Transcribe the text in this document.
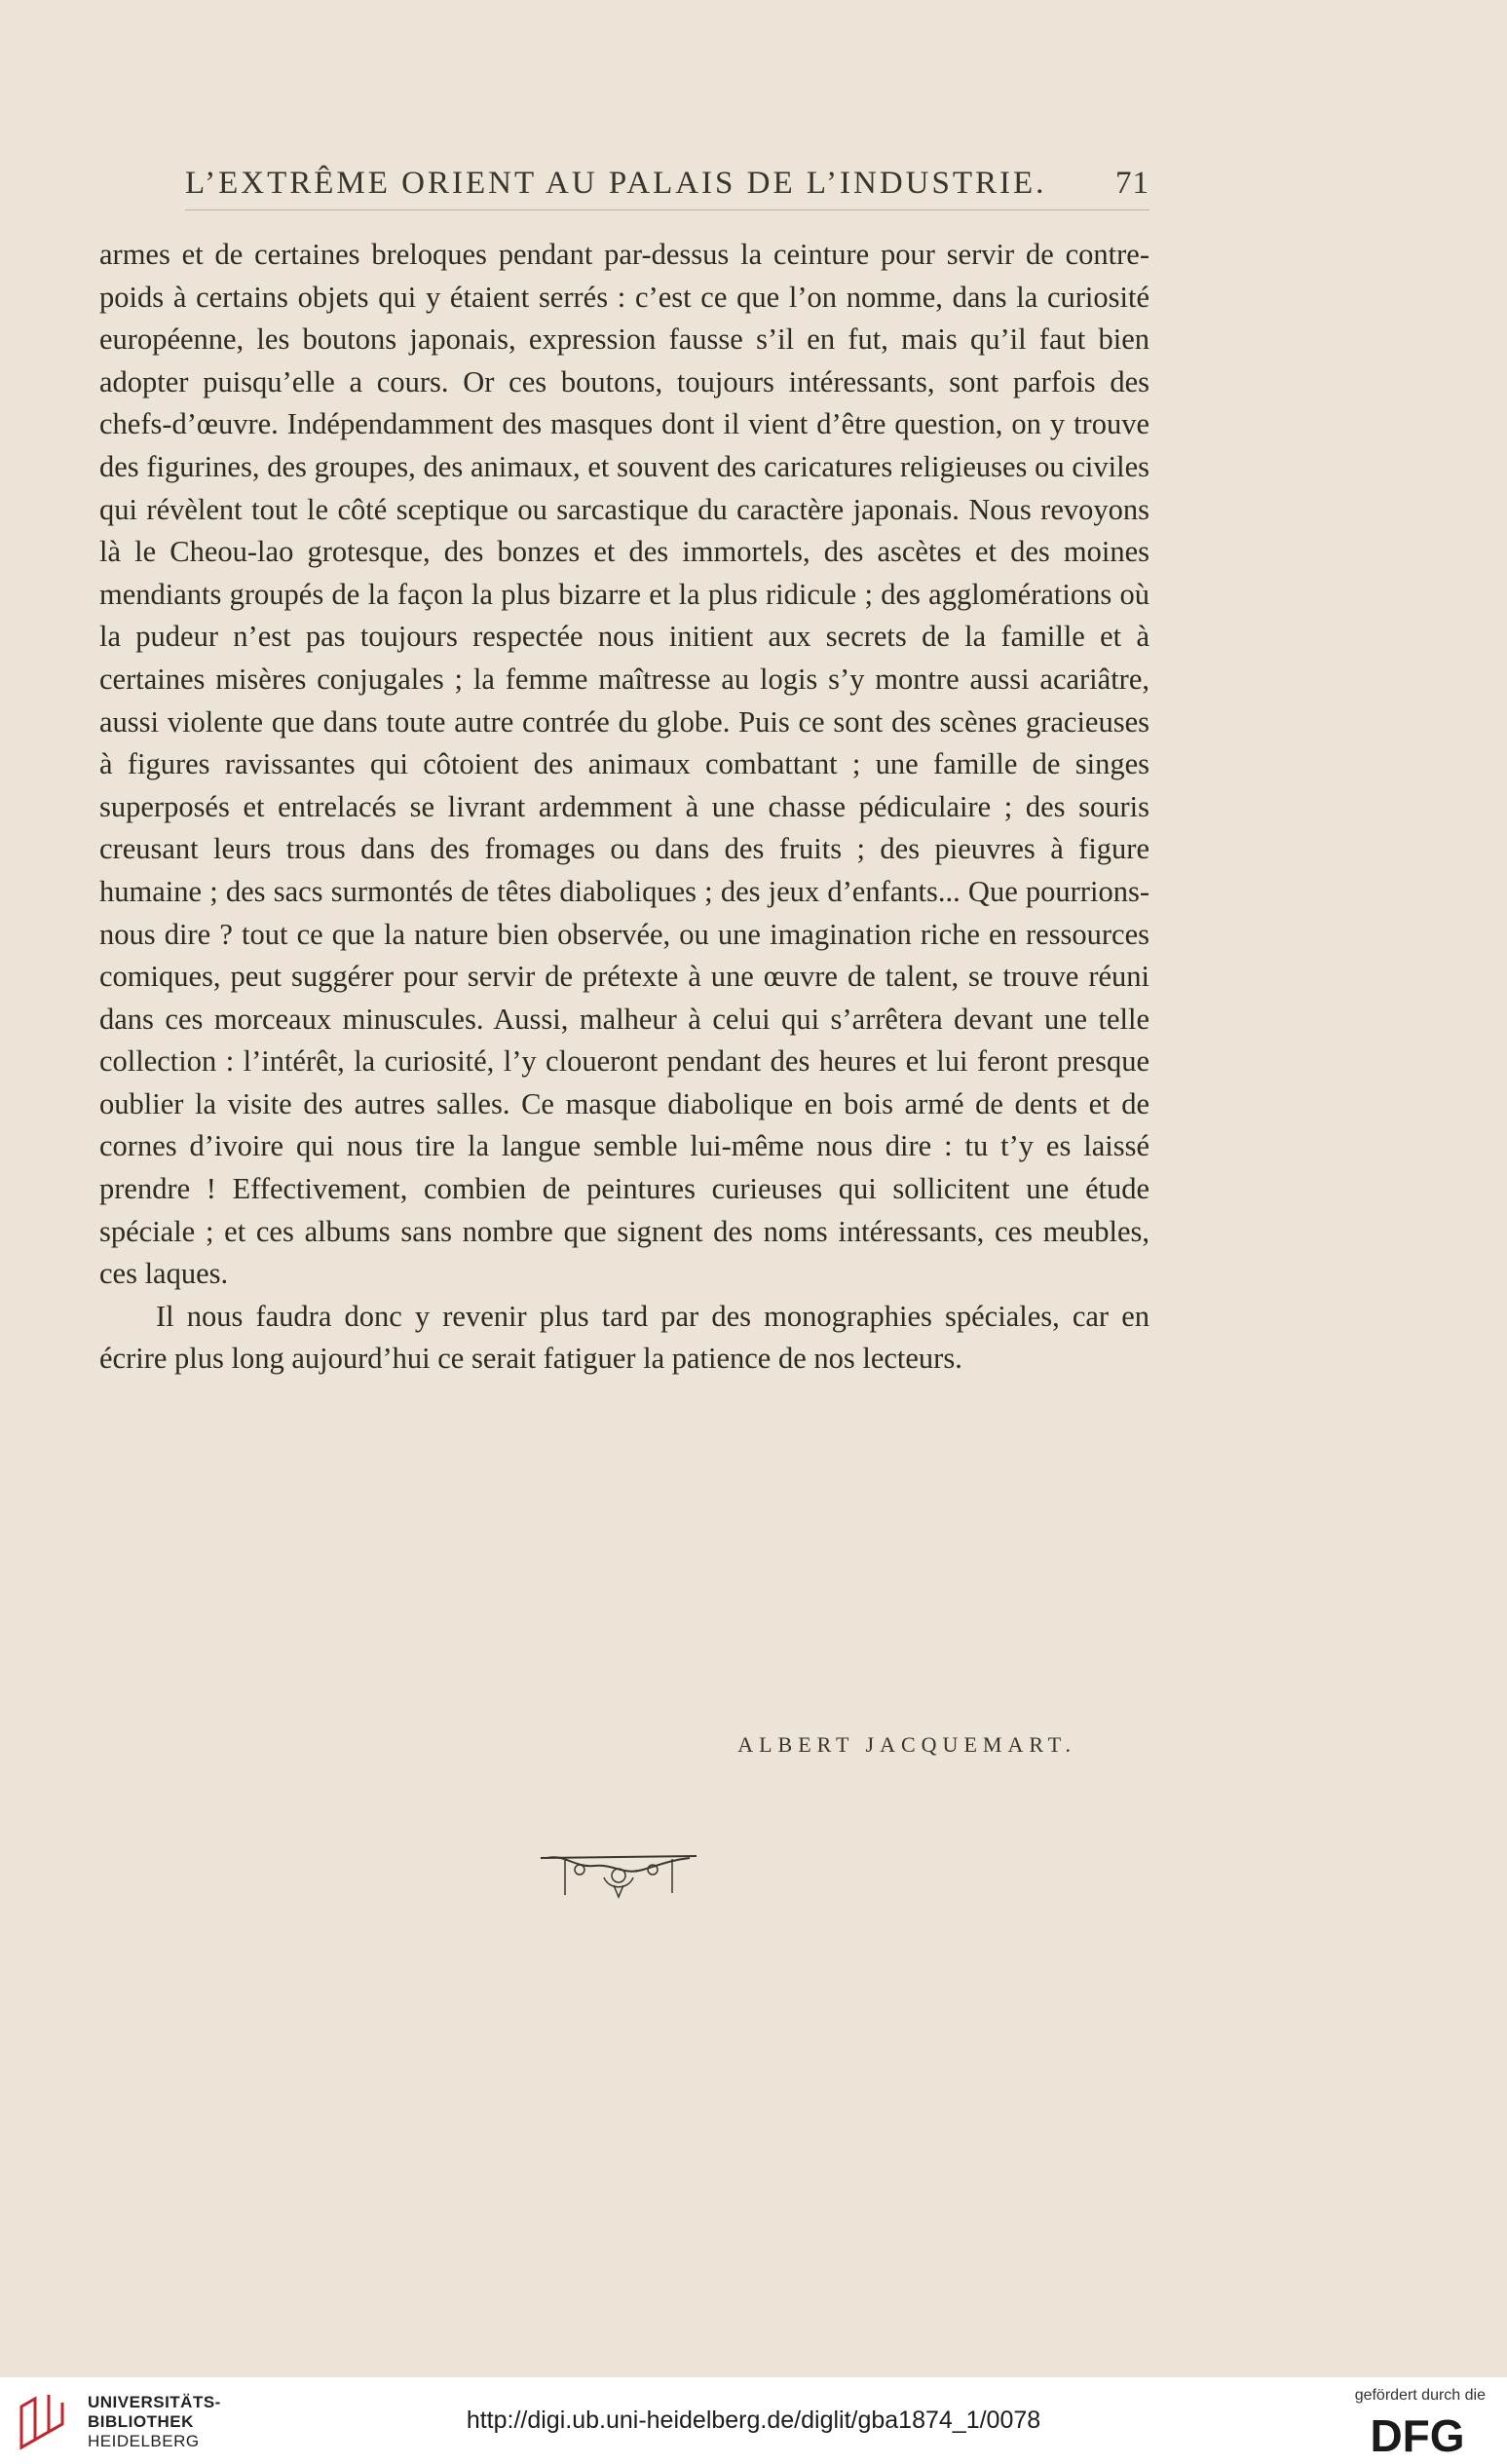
L’EXTRÊME ORIENT AU PALAIS DE L’INDUSTRIE. 71

armes et de certaines breloques pendant par-dessus la ceinture pour servir de contre-poids à certains objets qui y étaient serrés : c’est ce que l’on nomme, dans la curiosité européenne, les boutons japonais, expression fausse s’il en fut, mais qu’il faut bien adopter puisqu’elle a cours. Or ces boutons, toujours intéressants, sont parfois des chefs-d’œuvre. Indépendamment des masques dont il vient d’être question, on y trouve des figurines, des groupes, des animaux, et souvent des caricatures religieuses ou civiles qui révèlent tout le côté sceptique ou sarcastique du caractère japonais. Nous revoyons là le Cheou-lao grotesque, des bonzes et des immortels, des ascètes et des moines mendiants groupés de la façon la plus bizarre et la plus ridicule ; des agglomérations où la pudeur n’est pas toujours respectée nous initient aux secrets de la famille et à certaines misères conjugales ; la femme maîtresse au logis s’y montre aussi acariâtre, aussi violente que dans toute autre contrée du globe. Puis ce sont des scènes gracieuses à figures ravissantes qui côtoient des animaux combattant ; une famille de singes superposés et entrelacés se livrant ardemment à une chasse pédiculaire ; des souris creusant leurs trous dans des fromages ou dans des fruits ; des pieuvres à figure humaine ; des sacs surmontés de têtes diaboliques ; des jeux d’enfants... Que pourrions-nous dire ? tout ce que la nature bien observée, ou une imagination riche en ressources comiques, peut suggérer pour servir de prétexte à une œuvre de talent, se trouve réuni dans ces morceaux minuscules. Aussi, malheur à celui qui s’arrêtera devant une telle collection : l’intérêt, la curiosité, l’y cloueront pendant des heures et lui feront presque oublier la visite des autres salles. Ce masque diabolique en bois armé de dents et de cornes d’ivoire qui nous tire la langue semble lui-même nous dire : tu t’y es laissé prendre ! Effectivement, combien de peintures curieuses qui sollicitent une étude spéciale ; et ces albums sans nombre que signent des noms intéressants, ces meubles, ces laques.

Il nous faudra donc y revenir plus tard par des monographies spéciales, car en écrire plus long aujourd’hui ce serait fatiguer la patience de nos lecteurs.

ALBERT JACQUEMART.
UNIVERSITÄTS-
BIBLIOTHEK
HEIDELBERG
http://digi.ub.uni-heidelberg.de/diglit/gba1874_1/0078
gefördert durch die
DFG
